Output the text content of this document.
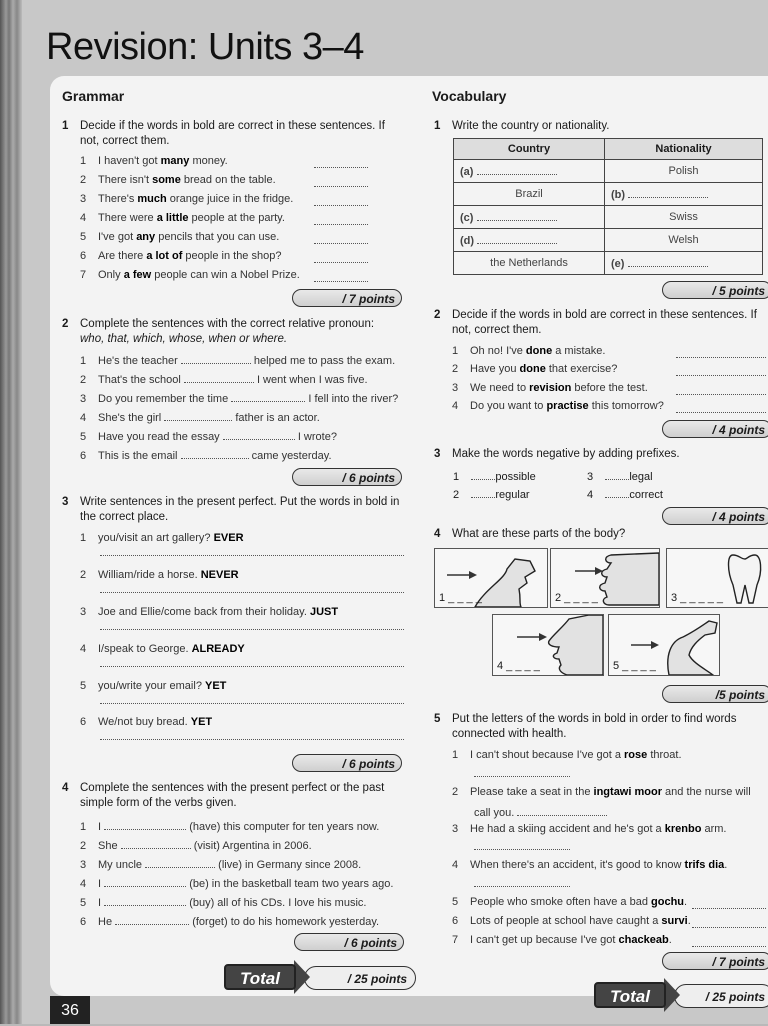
Revision: Units 3–4
36
Grammar
1 Decide if the words in bold are correct in these sentences. If not, correct them.
1 I haven't got many money.
2 There isn't some bread on the table.
3 There's much orange juice in the fridge.
4 There were a little people at the party.
5 I've got any pencils that you can use.
6 Are there a lot of people in the shop?
7 Only a few people can win a Nobel Prize.
/ 7 points
2 Complete the sentences with the correct relative pronoun:
who, that, which, whose, when or where.
1 He's the teacher	helped me to pass the exam.
2 That's the school	I went when I was five.
3 Do you remember the time	I fell into the river?
4 She's the girl	father is an actor.
5 Have you read the essay	I wrote?
6 This is the email	came yesterday.
/ 6 points
3 Write sentences in the present perfect. Put the words in bold in the correct place.
1 you/visit an art gallery? EVER
2 William/ride a horse. NEVER
3 Joe and Ellie/come back from their holiday. JUST
4 I/speak to George. ALREADY
5 you/write your email? YET
6 We/not buy bread. YET
/ 6 points
4 Complete the sentences with the present perfect or the past simple form of the verbs given.
1 I	(have) this computer for ten years now.
2 She	(visit) Argentina in 2006.
3 My uncle	(live) in Germany since 2008.
4 I	(be) in the basketball team two years ago.
5 I	(buy) all of his CDs. I love his music.
6 He	(forget) to do his homework yesterday.
/ 6 points
/ 25 points
Total
Vocabulary
1 Write the country or nationality.
Country	Nationality
(a)	Polish
Brazil	(b)
(c)	Swiss
(d)	Welsh
the Netherlands	(e)
/ 5 points
2 Decide if the words in bold are correct in these sentences. If not, correct them.
1 Oh no! I've done a mistake.
2 Have you done that exercise?
3 We need to revision before the test.
4 Do you want to practise this tomorrow?
/ 4 points
3 Make the words negative by adding prefixes.
1	possible
2	regular
3	legal
4	correct
/ 4 points
4 What are these parts of the body?
1 _ _ _ _	2 _ _ _ _	3 _ _ _ _ _
4 _ _ _ _	5 _ _ _ _
/5 points
5 Put the letters of the words in bold in order to find words connected with health.
1 I can't shout because I've got a rose throat.
2 Please take a seat in the ingtawi moor and the nurse will
3 He had a skiing accident and he's got a krenbo arm.
4 When there's an accident, it's good to know trifs dia.
5 People who smoke often have a bad gochu.
6 Lots of people at school have caught a survi.
7 I can't get up because I've got chackeab.
call you.
/ 7 points
/ 25 points
Total
